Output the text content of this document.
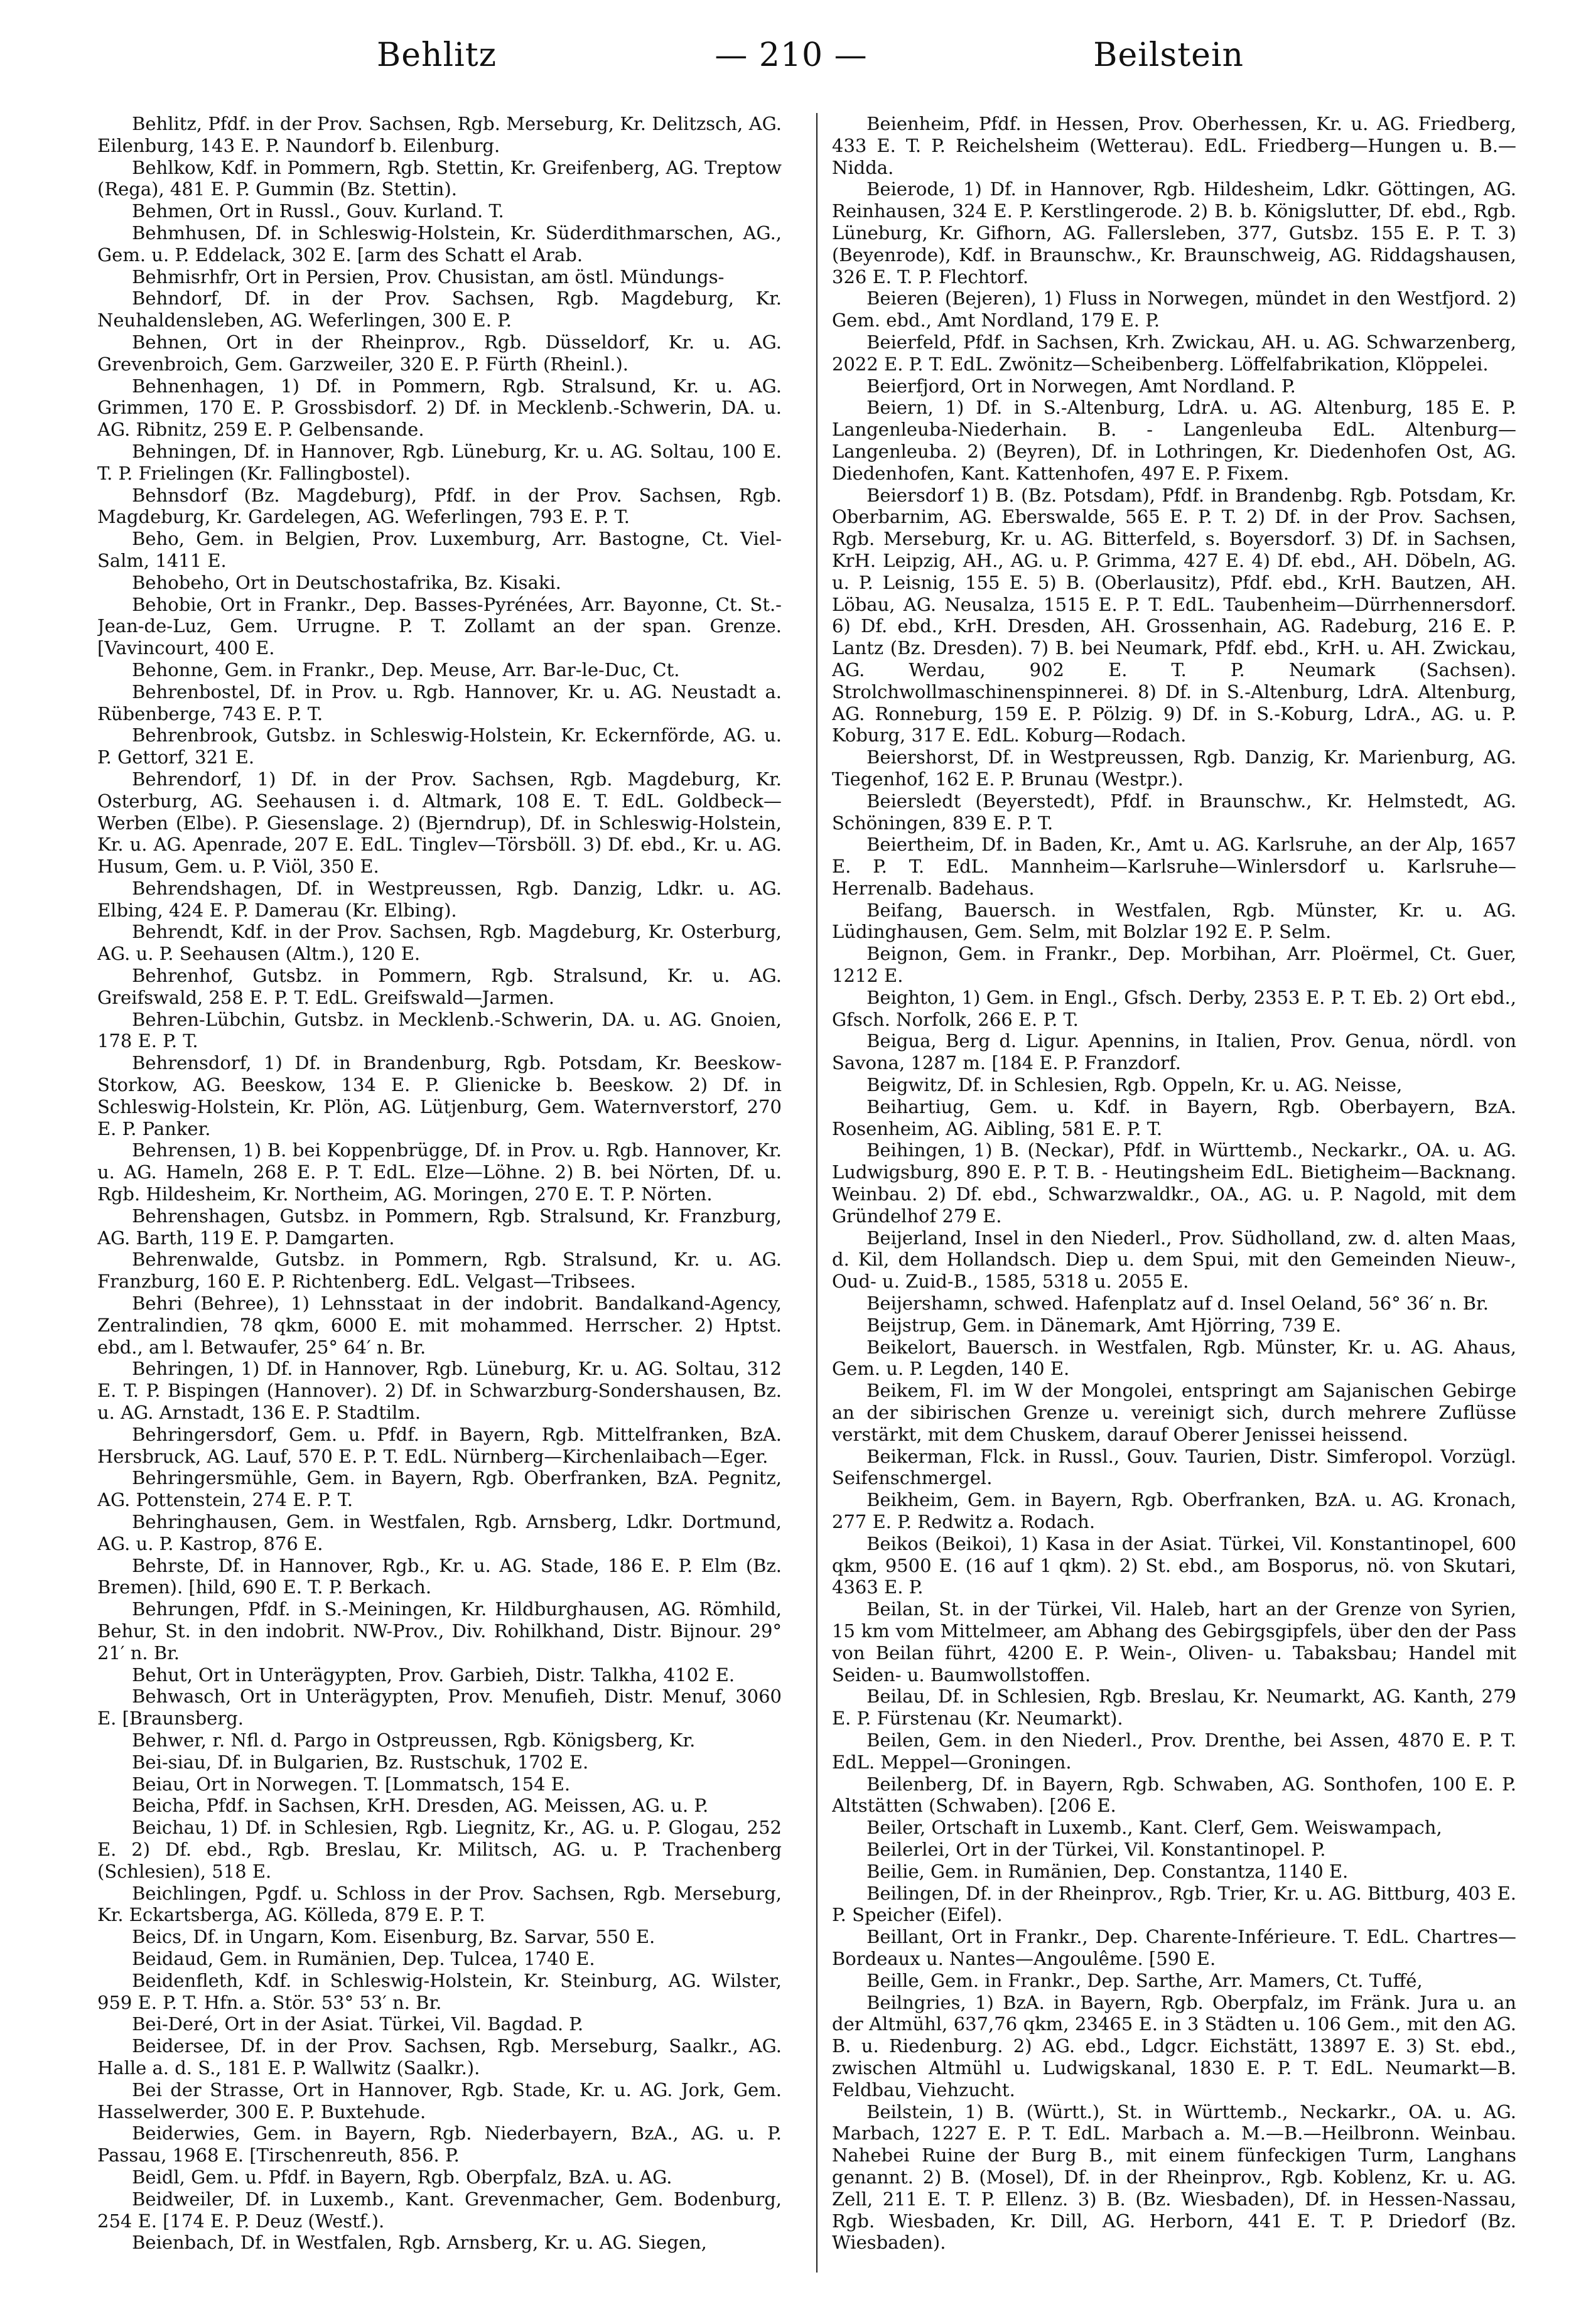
Behlitz	— 210 —	Beilstein

Behlitz, Pfdf. in der Prov. Sachsen, Rgb. Merseburg, Kr. Delitzsch, AG. Eilenburg, 143 E. P. Naundorf b. Eilenburg.

Behlkow, Kdf. in Pommern, Rgb. Stettin, Kr. Greifenberg, AG. Treptow (Rega), 481 E. P. Gummin (Bz. Stettin).

Behmen, Ort in Russl., Gouv. Kurland. T.

Behmhusen, Df. in Schleswig-Holstein, Kr. Süderdithmarschen, AG., Gem. u. P. Eddelack, 302 E. [arm des Schatt el Arab.

Behmisrhfr, Ort in Persien, Prov. Chusistan, am östl. Mündungs-

Behndorf, Df. in der Prov. Sachsen, Rgb. Magdeburg, Kr. Neuhaldensleben, AG. Weferlingen, 300 E. P.

Behnen, Ort in der Rheinprov., Rgb. Düsseldorf, Kr. u. AG. Grevenbroich, Gem. Garzweiler, 320 E. P. Fürth (Rheinl.).

Behnenhagen, 1) Df. in Pommern, Rgb. Stralsund, Kr. u. AG. Grimmen, 170 E. P. Grossbisdorf. 2) Df. in Mecklenb.-Schwerin, DA. u. AG. Ribnitz, 259 E. P. Gelbensande.

Behningen, Df. in Hannover, Rgb. Lüneburg, Kr. u. AG. Soltau, 100 E. T. P. Frielingen (Kr. Fallingbostel).

Behnsdorf (Bz. Magdeburg), Pfdf. in der Prov. Sachsen, Rgb. Magdeburg, Kr. Gardelegen, AG. Weferlingen, 793 E. P. T.

Beho, Gem. in Belgien, Prov. Luxemburg, Arr. Bastogne, Ct. Viel-Salm, 1411 E.

Behobeho, Ort in Deutschostafrika, Bz. Kisaki.

Behobie, Ort in Frankr., Dep. Basses-Pyrénées, Arr. Bayonne, Ct. St.-Jean-de-Luz, Gem. Urrugne. P. T. Zollamt an der span. Grenze. [Vavincourt, 400 E.

Behonne, Gem. in Frankr., Dep. Meuse, Arr. Bar-le-Duc, Ct.

Behrenbostel, Df. in Prov. u. Rgb. Hannover, Kr. u. AG. Neustadt a. Rübenberge, 743 E. P. T.

Behrenbrook, Gutsbz. in Schleswig-Holstein, Kr. Eckernförde, AG. u. P. Gettorf, 321 E.

Behrendorf, 1) Df. in der Prov. Sachsen, Rgb. Magdeburg, Kr. Osterburg, AG. Seehausen i. d. Altmark, 108 E. T. EdL. Goldbeck—Werben (Elbe). P. Giesenslage. 2) (Bjerndrup), Df. in Schleswig-Holstein, Kr. u. AG. Apenrade, 207 E. EdL. Tinglev—Törsböll. 3) Df. ebd., Kr. u. AG. Husum, Gem. u. P. Viöl, 350 E.

Behrendshagen, Df. in Westpreussen, Rgb. Danzig, Ldkr. u. AG. Elbing, 424 E. P. Damerau (Kr. Elbing).

Behrendt, Kdf. in der Prov. Sachsen, Rgb. Magdeburg, Kr. Osterburg, AG. u. P. Seehausen (Altm.), 120 E.

Behrenhof, Gutsbz. in Pommern, Rgb. Stralsund, Kr. u. AG. Greifswald, 258 E. P. T. EdL. Greifswald—Jarmen.

Behren-Lübchin, Gutsbz. in Mecklenb.-Schwerin, DA. u. AG. Gnoien, 178 E. P. T.

Behrensdorf, 1) Df. in Brandenburg, Rgb. Potsdam, Kr. Beeskow-Storkow, AG. Beeskow, 134 E. P. Glienicke b. Beeskow. 2) Df. in Schleswig-Holstein, Kr. Plön, AG. Lütjenburg, Gem. Waternverstorf, 270 E. P. Panker.

Behrensen, 1) B. bei Koppenbrügge, Df. in Prov. u. Rgb. Hannover, Kr. u. AG. Hameln, 268 E. P. T. EdL. Elze—Löhne. 2) B. bei Nörten, Df. u. Rgb. Hildesheim, Kr. Northeim, AG. Moringen, 270 E. T. P. Nörten.

Behrenshagen, Gutsbz. in Pommern, Rgb. Stralsund, Kr. Franzburg, AG. Barth, 119 E. P. Damgarten.

Behrenwalde, Gutsbz. in Pommern, Rgb. Stralsund, Kr. u. AG. Franzburg, 160 E. P. Richtenberg. EdL. Velgast—Tribsees.

Behri (Behree), 1) Lehnsstaat in der indobrit. Bandalkand-Agency, Zentralindien, 78 qkm, 6000 E. mit mohammed. Herrscher. 2) Hptst. ebd., am l. Betwaufer, 25° 64′ n. Br.

Behringen, 1) Df. in Hannover, Rgb. Lüneburg, Kr. u. AG. Soltau, 312 E. T. P. Bispingen (Hannover). 2) Df. in Schwarzburg-Sondershausen, Bz. u. AG. Arnstadt, 136 E. P. Stadtilm.

Behringersdorf, Gem. u. Pfdf. in Bayern, Rgb. Mittelfranken, BzA. Hersbruck, AG. Lauf, 570 E. P. T. EdL. Nürnberg—Kirchenlaibach—Eger.

Behringersmühle, Gem. in Bayern, Rgb. Oberfranken, BzA. Pegnitz, AG. Pottenstein, 274 E. P. T.

Behringhausen, Gem. in Westfalen, Rgb. Arnsberg, Ldkr. Dortmund, AG. u. P. Kastrop, 876 E.

Behrste, Df. in Hannover, Rgb., Kr. u. AG. Stade, 186 E. P. Elm (Bz. Bremen). [hild, 690 E. T. P. Berkach.

Behrungen, Pfdf. in S.-Meiningen, Kr. Hildburghausen, AG. Römhild, Behur, St. in den indobrit. NW-Prov., Div. Rohilkhand, Distr. Bijnour. 29° 21′ n. Br.

Behut, Ort in Unterägypten, Prov. Garbieh, Distr. Talkha, 4102 E.

Behwasch, Ort in Unterägypten, Prov. Menufieh, Distr. Menuf, 3060 E. [Braunsberg.

Behwer, r. Nfl. d. Pargo in Ostpreussen, Rgb. Königsberg, Kr.

Bei-siau, Df. in Bulgarien, Bz. Rustschuk, 1702 E.

Beiau, Ort in Norwegen. T. [Lommatsch, 154 E.

Beicha, Pfdf. in Sachsen, KrH. Dresden, AG. Meissen, AG. u. P.

Beichau, 1) Df. in Schlesien, Rgb. Liegnitz, Kr., AG. u. P. Glogau, 252 E. 2) Df. ebd., Rgb. Breslau, Kr. Militsch, AG. u. P. Trachenberg (Schlesien), 518 E.

Beichlingen, Pgdf. u. Schloss in der Prov. Sachsen, Rgb. Merseburg, Kr. Eckartsberga, AG. Kölleda, 879 E. P. T.

Beics, Df. in Ungarn, Kom. Eisenburg, Bz. Sarvar, 550 E.

Beidaud, Gem. in Rumänien, Dep. Tulcea, 1740 E.

Beidenfleth, Kdf. in Schleswig-Holstein, Kr. Steinburg, AG. Wilster, 959 E. P. T. Hfn. a. Stör. 53° 53′ n. Br.

Bei-Deré, Ort in der Asiat. Türkei, Vil. Bagdad. P.

Beidersee, Df. in der Prov. Sachsen, Rgb. Merseburg, Saalkr., AG. Halle a. d. S., 181 E. P. Wallwitz (Saalkr.).

Bei der Strasse, Ort in Hannover, Rgb. Stade, Kr. u. AG. Jork, Gem. Hasselwerder, 300 E. P. Buxtehude.

Beiderwies, Gem. in Bayern, Rgb. Niederbayern, BzA., AG. u. P. Passau, 1968 E. [Tirschenreuth, 856. P.

Beidl, Gem. u. Pfdf. in Bayern, Rgb. Oberpfalz, BzA. u. AG.

Beidweiler, Df. in Luxemb., Kant. Grevenmacher, Gem. Bodenburg, 254 E. [174 E. P. Deuz (Westf.).

Beienbach, Df. in Westfalen, Rgb. Arnsberg, Kr. u. AG. Siegen,

Beienheim, Pfdf. in Hessen, Prov. Oberhessen, Kr. u. AG. Friedberg, 433 E. T. P. Reichelsheim (Wetterau). EdL. Friedberg—Hungen u. B.—Nidda.

Beierode, 1) Df. in Hannover, Rgb. Hildesheim, Ldkr. Göttingen, AG. Reinhausen, 324 E. P. Kerstlingerode. 2) B. b. Königslutter, Df. ebd., Rgb. Lüneburg, Kr. Gifhorn, AG. Fallersleben, 377, Gutsbz. 155 E. P. T. 3) (Beyenrode), Kdf. in Braunschw., Kr. Braunschweig, AG. Riddagshausen, 326 E. T. P. Flechtorf.

Beieren (Bejeren), 1) Fluss in Norwegen, mündet in den Westfjord. 2) Gem. ebd., Amt Nordland, 179 E. P.

Beierfeld, Pfdf. in Sachsen, Krh. Zwickau, AH. u. AG. Schwarzenberg, 2022 E. P. T. EdL. Zwönitz—Scheibenberg. Löffelfabrikation, Klöppelei.

Beierfjord, Ort in Norwegen, Amt Nordland. P.

Beiern, 1) Df. in S.-Altenburg, LdrA. u. AG. Altenburg, 185 E. P. Langenleuba-Niederhain. B. - Langenleuba EdL. Altenburg—Langenleuba. 2) (Beyren), Df. in Lothringen, Kr. Diedenhofen Ost, AG. Diedenhofen, Kant. Kattenhofen, 497 E. P. Fixem.

Beiersdorf 1) B. (Bz. Potsdam), Pfdf. in Brandenbg. Rgb. Potsdam, Kr. Oberbarnim, AG. Eberswalde, 565 E. P. T. 2) Df. in der Prov. Sachsen, Rgb. Merseburg, Kr. u. AG. Bitterfeld, s. Boyersdorf. 3) Df. in Sachsen, KrH. Leipzig, AH., AG. u. P. Grimma, 427 E. 4) Df. ebd., AH. Döbeln, AG. u. P. Leisnig, 155 E. 5) B. (Oberlausitz), Pfdf. ebd., KrH. Bautzen, AH. Löbau, AG. Neusalza, 1515 E. P. T. EdL. Taubenheim—Dürrhennersdorf. 6) Df. ebd., KrH. Dresden, AH. Grossenhain, AG. Radeburg, 216 E. P. Lantz (Bz. Dresden). 7) B. bei Neumark, Pfdf. ebd., KrH. u. AH. Zwickau, AG. Werdau, 902 E. T. P. Neumark (Sachsen). Strolchwollmaschinenspinnerei. 8) Df. in S.-Altenburg, LdrA. Altenburg, AG. Ronneburg, 159 E. P. Pölzig. 9) Df. in S.-Koburg, LdrA., AG. u. P. Koburg, 317 E. EdL. Koburg—Rodach.

Beiershorst, Df. in Westpreussen, Rgb. Danzig, Kr. Marienburg, AG. Tiegenhof, 162 E. P. Brunau (Westpr.).

Beiersledt (Beyerstedt), Pfdf. in Braunschw., Kr. Helmstedt, AG. Schöningen, 839 E. P. T.

Beiertheim, Df. in Baden, Kr., Amt u. AG. Karlsruhe, an der Alp, 1657 E. P. T. EdL. Mannheim—Karlsruhe—Winlersdorf u. Karlsruhe—Herrenalb. Badehaus.

Beifang, Bauersch. in Westfalen, Rgb. Münster, Kr. u. AG. Lüdinghausen, Gem. Selm, mit Bolzlar 192 E. P. Selm.

Beignon, Gem. in Frankr., Dep. Morbihan, Arr. Ploërmel, Ct. Guer, 1212 E.

Beighton, 1) Gem. in Engl., Gfsch. Derby, 2353 E. P. T. Eb. 2) Ort ebd., Gfsch. Norfolk, 266 E. P. T.

Beigua, Berg d. Ligur. Apennins, in Italien, Prov. Genua, nördl. von Savona, 1287 m. [184 E. P. Franzdorf.

Beigwitz, Df. in Schlesien, Rgb. Oppeln, Kr. u. AG. Neisse,

Beihartiug, Gem. u. Kdf. in Bayern, Rgb. Oberbayern, BzA. Rosenheim, AG. Aibling, 581 E. P. T.

Beihingen, 1) B. (Neckar), Pfdf. in Württemb., Neckarkr., OA. u. AG. Ludwigsburg, 890 E. P. T. B. - Heutingsheim EdL. Bietigheim—Backnang. Weinbau. 2) Df. ebd., Schwarzwaldkr., OA., AG. u. P. Nagold, mit dem Gründelhof 279 E.

Beijerland, Insel in den Niederl., Prov. Südholland, zw. d. alten Maas, d. Kil, dem Hollandsch. Diep u. dem Spui, mit den Gemeinden Nieuw-, Oud- u. Zuid-B., 1585, 5318 u. 2055 E.

Beijershamn, schwed. Hafenplatz auf d. Insel Oeland, 56° 36′ n. Br.

Beijstrup, Gem. in Dänemark, Amt Hjörring, 739 E.

Beikelort, Bauersch. in Westfalen, Rgb. Münster, Kr. u. AG. Ahaus, Gem. u. P. Legden, 140 E.

Beikem, Fl. im W der Mongolei, entspringt am Sajanischen Gebirge an der sibirischen Grenze u. vereinigt sich, durch mehrere Zuflüsse verstärkt, mit dem Chuskem, darauf Oberer Jenissei heissend.

Beikerman, Flck. in Russl., Gouv. Taurien, Distr. Simferopol. Vorzügl. Seifenschmergel.

Beikheim, Gem. in Bayern, Rgb. Oberfranken, BzA. u. AG. Kronach, 277 E. P. Redwitz a. Rodach.

Beikos (Beikoi), 1) Kasa in der Asiat. Türkei, Vil. Konstantinopel, 600 qkm, 9500 E. (16 auf 1 qkm). 2) St. ebd., am Bosporus, nö. von Skutari, 4363 E. P.

Beilan, St. in der Türkei, Vil. Haleb, hart an der Grenze von Syrien, 15 km vom Mittelmeer, am Abhang des Gebirgsgipfels, über den der Pass von Beilan führt, 4200 E. P. Wein-, Oliven- u. Tabaksbau; Handel mit Seiden- u. Baumwollstoffen.

Beilau, Df. in Schlesien, Rgb. Breslau, Kr. Neumarkt, AG. Kanth, 279 E. P. Fürstenau (Kr. Neumarkt).

Beilen, Gem. in den Niederl., Prov. Drenthe, bei Assen, 4870 E. P. T. EdL. Meppel—Groningen.

Beilenberg, Df. in Bayern, Rgb. Schwaben, AG. Sonthofen, 100 E. P. Altstätten (Schwaben). [206 E.

Beiler, Ortschaft in Luxemb., Kant. Clerf, Gem. Weiswampach,

Beilerlei, Ort in der Türkei, Vil. Konstantinopel. P.

Beilie, Gem. in Rumänien, Dep. Constantza, 1140 E.

Beilingen, Df. in der Rheinprov., Rgb. Trier, Kr. u. AG. Bittburg, 403 E. P. Speicher (Eifel).

Beillant, Ort in Frankr., Dep. Charente-Inférieure. T. EdL. Chartres—Bordeaux u. Nantes—Angoulême. [590 E.

Beille, Gem. in Frankr., Dep. Sarthe, Arr. Mamers, Ct. Tuffé,

Beilngries, 1) BzA. in Bayern, Rgb. Oberpfalz, im Fränk. Jura u. an der Altmühl, 637,76 qkm, 23465 E. in 3 Städten u. 106 Gem., mit den AG. B. u. Riedenburg. 2) AG. ebd., Ldgcr. Eichstätt, 13897 E. 3) St. ebd., zwischen Altmühl u. Ludwigskanal, 1830 E. P. T. EdL. Neumarkt—B. Feldbau, Viehzucht.

Beilstein, 1) B. (Württ.), St. in Württemb., Neckarkr., OA. u. AG. Marbach, 1227 E. P. T. EdL. Marbach a. M.—B.—Heilbronn. Weinbau. Nahebei Ruine der Burg B., mit einem fünfeckigen Turm, Langhans genannt. 2) B. (Mosel), Df. in der Rheinprov., Rgb. Koblenz, Kr. u. AG. Zell, 211 E. T. P. Ellenz. 3) B. (Bz. Wiesbaden), Df. in Hessen-Nassau, Rgb. Wiesbaden, Kr. Dill, AG. Herborn, 441 E. T. P. Driedorf (Bz. Wiesbaden).
